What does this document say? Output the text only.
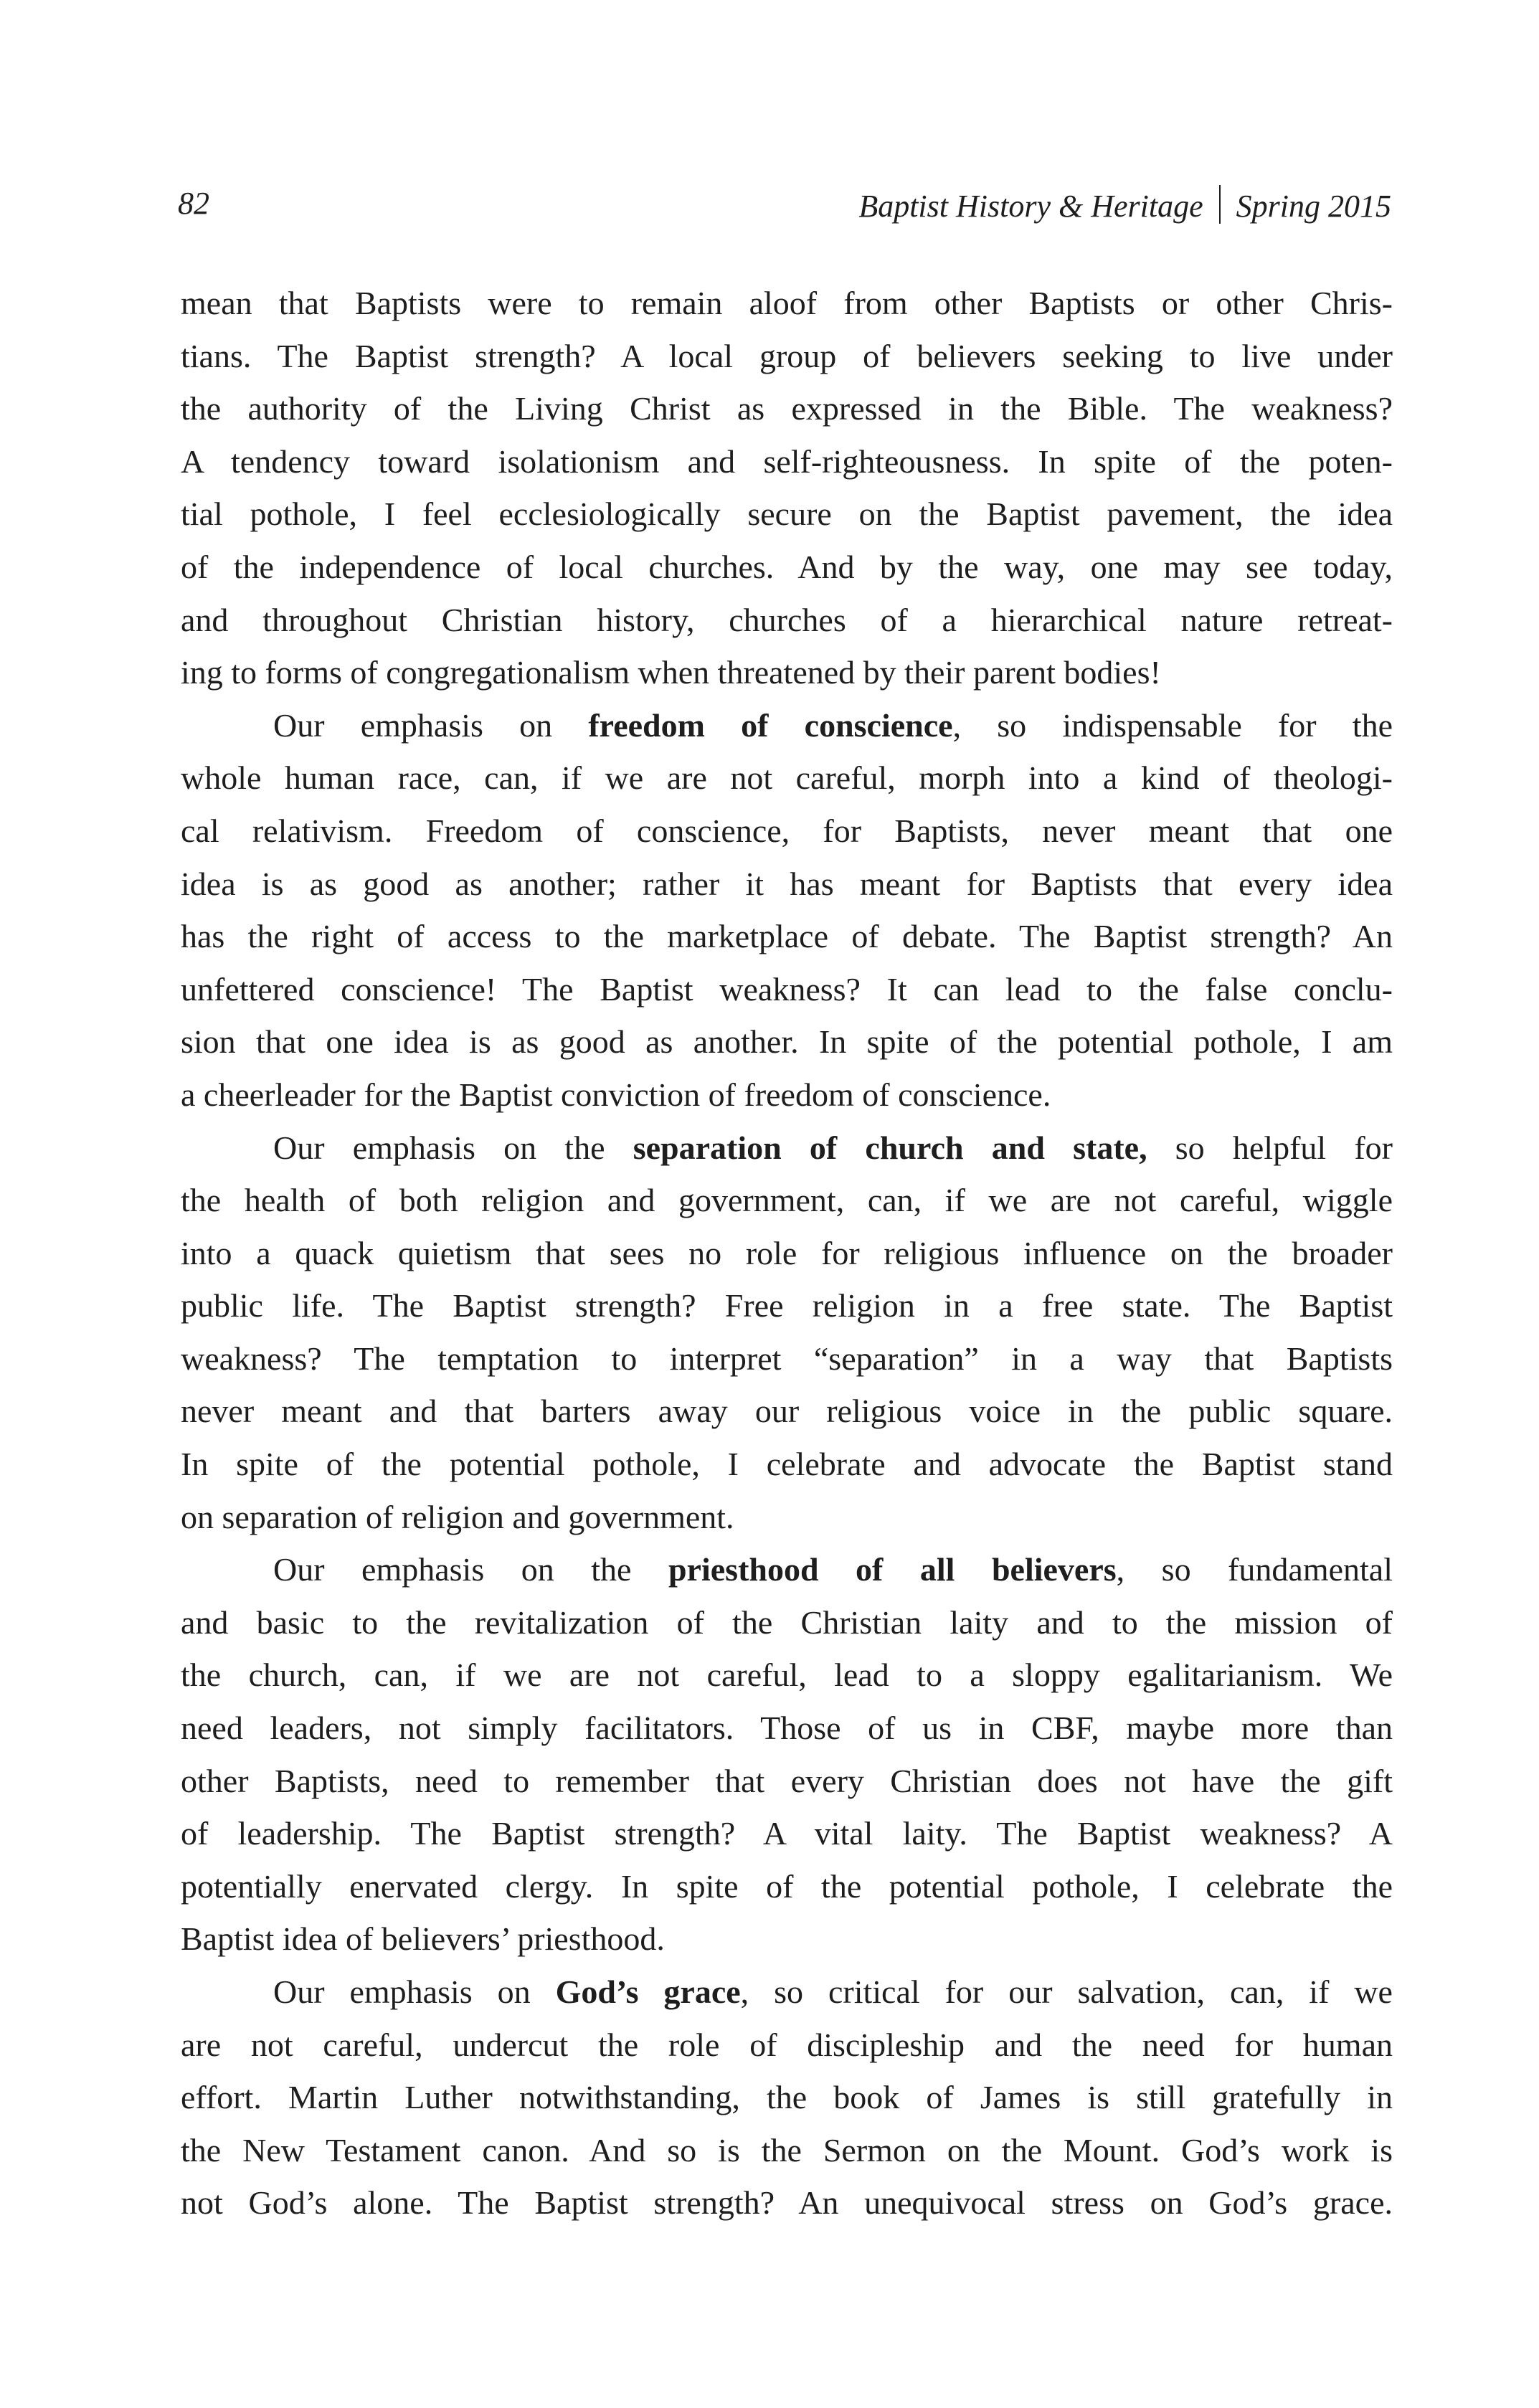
82	Baptist History & Heritage Spring 2015
mean that Baptists were to remain aloof from other Baptists or other Chris-
tians. The Baptist strength? A local group of believers seeking to live under
the authority of the Living Christ as expressed in the Bible. The weakness?
A tendency toward isolationism and self-righteousness. In spite of the poten-
tial pothole, I feel ecclesiologically secure on the Baptist pavement, the idea
of the independence of local churches. And by the way, one may see today,
and throughout Christian history, churches of a hierarchical nature retreat-
ing to forms of congregationalism when threatened by their parent bodies!
Our emphasis on freedom of conscience, so indispensable for the
whole human race, can, if we are not careful, morph into a kind of theologi-
cal relativism. Freedom of conscience, for Baptists, never meant that one
idea is as good as another; rather it has meant for Baptists that every idea
has the right of access to the marketplace of debate. The Baptist strength? An
unfettered conscience! The Baptist weakness? It can lead to the false conclu-
sion that one idea is as good as another. In spite of the potential pothole, I am
a cheerleader for the Baptist conviction of freedom of conscience.
Our emphasis on the separation of church and state, so helpful for
the health of both religion and government, can, if we are not careful, wiggle
into a quack quietism that sees no role for religious influence on the broader
public life. The Baptist strength? Free religion in a free state. The Baptist
weakness? The temptation to interpret “separation” in a way that Baptists
never meant and that barters away our religious voice in the public square.
In spite of the potential pothole, I celebrate and advocate the Baptist stand
on separation of religion and government.
Our emphasis on the priesthood of all believers, so fundamental
and basic to the revitalization of the Christian laity and to the mission of
the church, can, if we are not careful, lead to a sloppy egalitarianism. We
need leaders, not simply facilitators. Those of us in CBF, maybe more than
other Baptists, need to remember that every Christian does not have the gift
of leadership. The Baptist strength? A vital laity. The Baptist weakness? A
potentially enervated clergy. In spite of the potential pothole, I celebrate the
Baptist idea of believers’ priesthood.
Our emphasis on God’s grace, so critical for our salvation, can, if we
are not careful, undercut the role of discipleship and the need for human
effort. Martin Luther notwithstanding, the book of James is still gratefully in
the New Testament canon. And so is the Sermon on the Mount. God’s work is
not God’s alone. The Baptist strength? An unequivocal stress on God’s grace.
